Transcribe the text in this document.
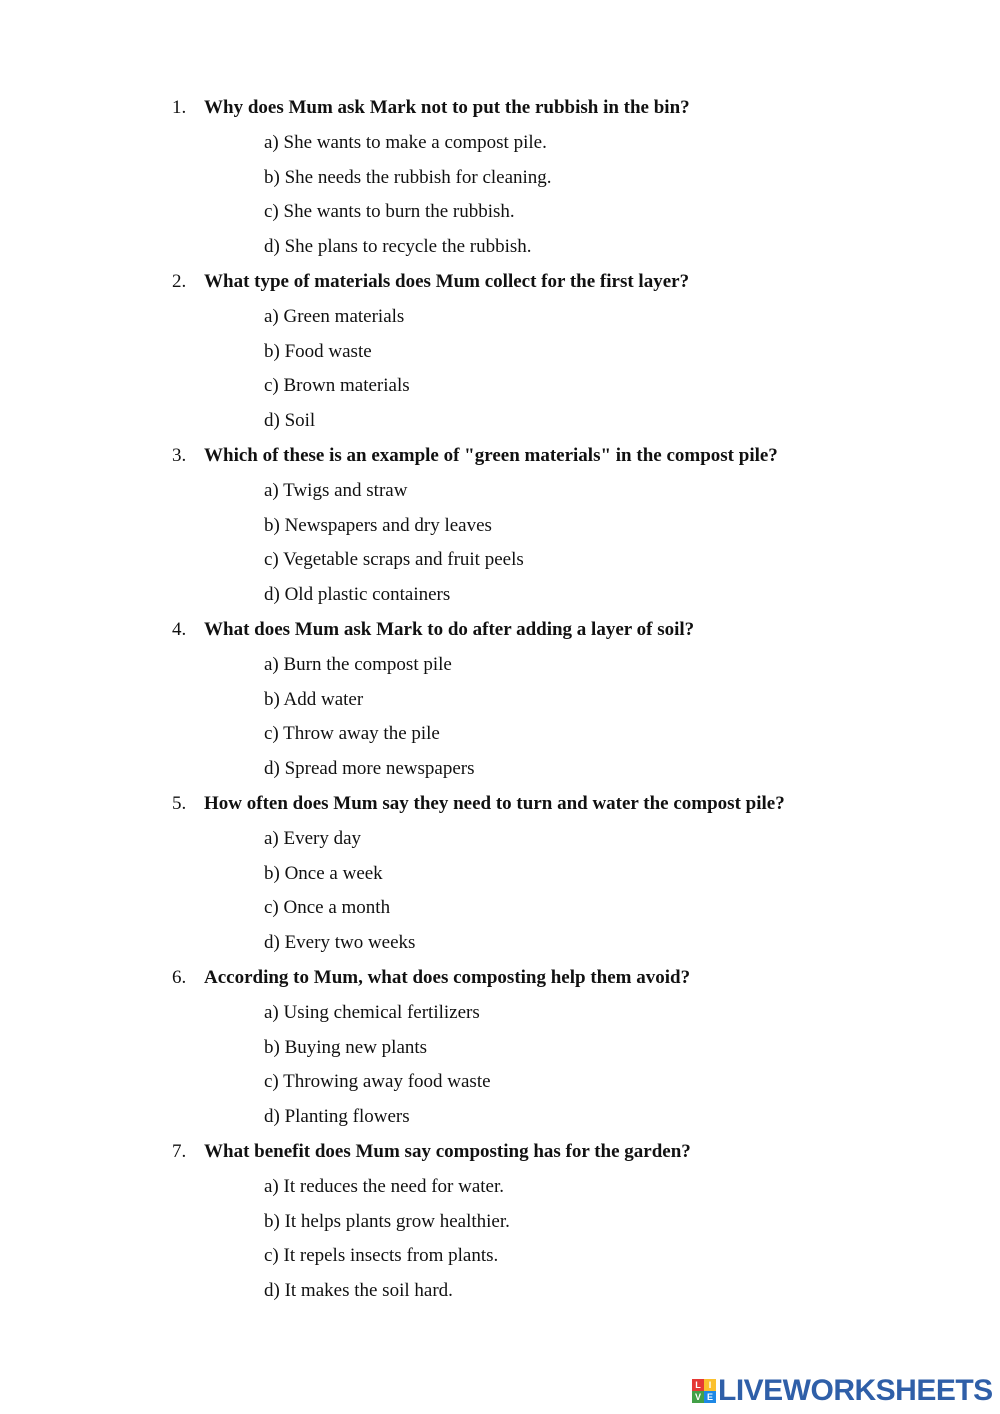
1. Why does Mum ask Mark not to put the rubbish in the bin?
a) She wants to make a compost pile.
b) She needs the rubbish for cleaning.
c) She wants to burn the rubbish.
d) She plans to recycle the rubbish.
2. What type of materials does Mum collect for the first layer?
a) Green materials
b) Food waste
c) Brown materials
d) Soil
3. Which of these is an example of "green materials" in the compost pile?
a) Twigs and straw
b) Newspapers and dry leaves
c) Vegetable scraps and fruit peels
d) Old plastic containers
4. What does Mum ask Mark to do after adding a layer of soil?
a) Burn the compost pile
b) Add water
c) Throw away the pile
d) Spread more newspapers
5. How often does Mum say they need to turn and water the compost pile?
a) Every day
b) Once a week
c) Once a month
d) Every two weeks
6. According to Mum, what does composting help them avoid?
a) Using chemical fertilizers
b) Buying new plants
c) Throwing away food waste
d) Planting flowers
7. What benefit does Mum say composting has for the garden?
a) It reduces the need for water.
b) It helps plants grow healthier.
c) It repels insects from plants.
d) It makes the soil hard.
L I
V E LIVEWORKSHEETS
